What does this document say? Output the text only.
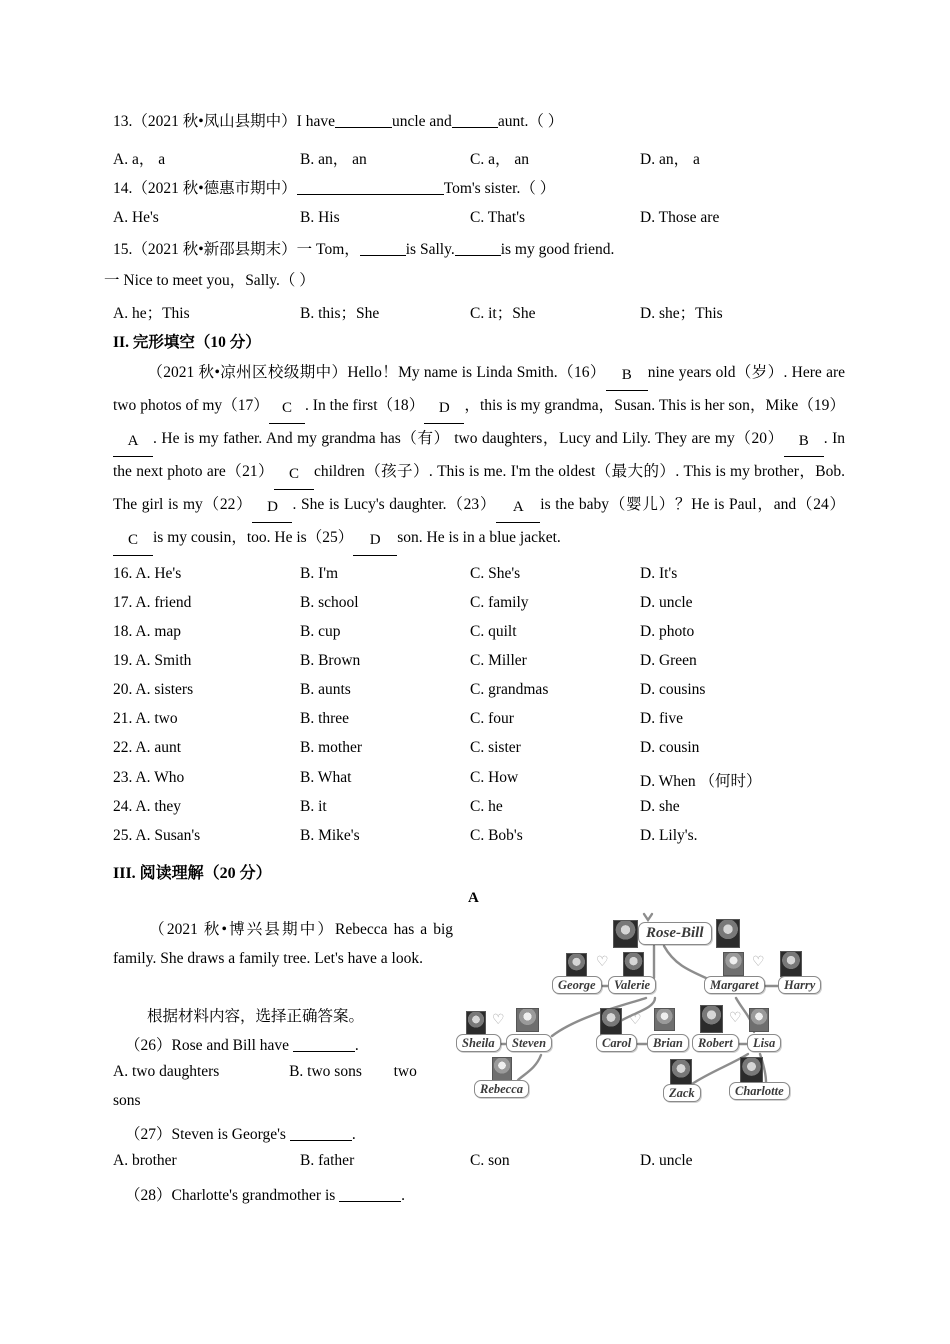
13.（2021 秋•凤山县期中）I have	uncle and	aunt.（ ）
A. a， a	B. an， an	C. a， an	D. an， a
14.（2021 秋•德惠市期中）	Tom's sister.（ ）
A. He's	B. His	C. That's	D. Those are
15.（2021 秋•新邵县期末）一 Tom，	is Sally.	is my good friend.
一 Nice to meet you，Sally.（ ）
A. he；This	B. this；She	C. it；She	D. she；This
II. 完形填空（10 分）
（2021 秋•凉州区校级期中）Hello！My name is Linda Smith.（16） B nine years old（岁）. Here are two photos of my（17） C . In the first（18） D ，this is my grandma，Susan. This is her son，Mike（19）A . He is my father. And my grandma has（有） two daughters，Lucy and Lily. They are my（20） B . In the next photo are（21） C children（孩子）. This is me. I'm the oldest（最大的）. This is my brother，Bob. The girl is my（22） D . She is Lucy's daughter.（23） A is the baby（婴儿）？He is Paul，and（24）C is my cousin，too. He is（25） D son. He is in a blue jacket.
16. A. He's	B. I'm	C. She's	D. It's
17. A. friend	B. school	C. family	D. uncle
18. A. map	B. cup	C. quilt	D. photo
19. A. Smith	B. Brown	C. Miller	D. Green
20. A. sisters	B. aunts	C. grandmas	D. cousins
21. A. two	B. three	C. four	D. five
22. A. aunt	B. mother	C. sister	D. cousin
23. A. Who	B. What	C. How	D. When （何时）
24. A. they	B. it	C. he	D. she
25. A. Susan's	B. Mike's	C. Bob's	D. Lily's.
III. 阅读理解（20 分）
A
（2021 秋•博兴县期中）Rebecca has a big family. She draws a family tree. Let's have a look.
根据材料内容，选择正确答案。
（26）Rose and Bill have	.
A. two daughters	B. two sons two
sons
（27）Steven is George's	.
A. brother	B. father	C. son	D. uncle
（28）Charlotte's grandmother is	.
Rose-Bill
♡
George	Valerie
♡
Margaret	Harry
♡
Sheila	Steven
♡
Carol	Brian
♡
Robert	Lisa
Rebecca	Zack	Charlotte
